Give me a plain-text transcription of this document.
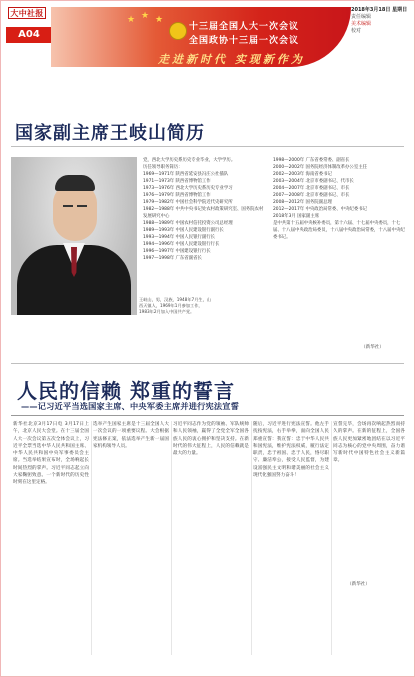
大中社报
A04
★ ★ ★
十三届全国人大一次会议
全国政协十三届一次会议
走进新时代 实现新作为
2018年3月18日 星期日
责任编辑
美术编辑
校对
国家副主席王岐山简历
王岐山，男，汉族，1948年7月生，山西天镇人，1969年1月参加工作，1983年2月加入中国共产党。

党，西北大学历史系历史专业毕业，大学学历。

历任领导职务简历：

1969—1971年 陕西省延安县冯庄公社插队

1971—1973年 陕西省博物馆工作

1973—1976年 西北大学历史系历史专业学习

1976—1979年 陕西省博物馆工作

1979—1982年 中国社会科学院近代史研究所

1982—1988年 中共中央书记处农村政策研究室、国务院农村发展研究中心

1988—1989年 中国农村信托投资公司总经理

1989—1993年 中国人民建设银行副行长

1993—1994年 中国人民银行副行长

1994—1996年 中国人民建设银行行长

1996—1997年 中国建设银行行长

1997—1998年 广东省副省长

1998—2000年 广东省委常委、副省长

2000—2002年 国务院经济体制改革办公室主任

2002—2003年 海南省委书记

2003—2004年 北京市委副书记、代市长

2004—2007年 北京市委副书记、市长

2007—2008年 北京市委副书记、市长

2008—2012年 国务院副总理

2012—2017年 中央政治局常委、中央纪委书记

2018年3月 国家副主席

是中共第十五届中央候补委员，第十六届、十七届中央委员，十七届、十八届中央政治局委员，十八届中央政治局常委，十八届中央纪委书记。

（新华社）
人民的信赖 郑重的誓言
——记习近平当选国家主席、中央军委主席并进行宪法宣誓

新华社北京3月17日电 3月17日上午，北京人民大会堂。在十三届全国人大一次会议第五次全体会议上，习近平全票当选中华人民共和国主席、中华人民共和国中央军事委员会主席。当选举结果宣布时，全场响起长时间热烈的掌声。习近平同志起立向大家鞠躬致意。一个新时代的历史性时刻在这里定格。

选举产生国家主席是十三届全国人大一次会议的一项重要议程。大会根据宪法修正案，依法选举产生新一届国家机构领导人员。

习近平同志作为党的领袖、军队统帅和人民领袖，赢得了全党全军全国各族人民的衷心拥护和坚决支持。在新时代的伟大征程上，人民的信赖就是最大的力量。

随后，习近平进行宪法宣誓。他左手抚按宪法，右手举拳，面向全国人民郑重宣誓：我宣誓：忠于中华人民共和国宪法，维护宪法权威，履行法定职责，忠于祖国、忠于人民，恪尽职守、廉洁奉公，接受人民监督，为建设富强民主文明和谐美丽的社会主义现代化强国努力奋斗！

宣誓完毕，会场再次响起热烈而持久的掌声。在新的征程上，全国各族人民更加紧密地团结在以习近平同志为核心的党中央周围，奋力谱写新时代中国特色社会主义新篇章。

（新华社）
